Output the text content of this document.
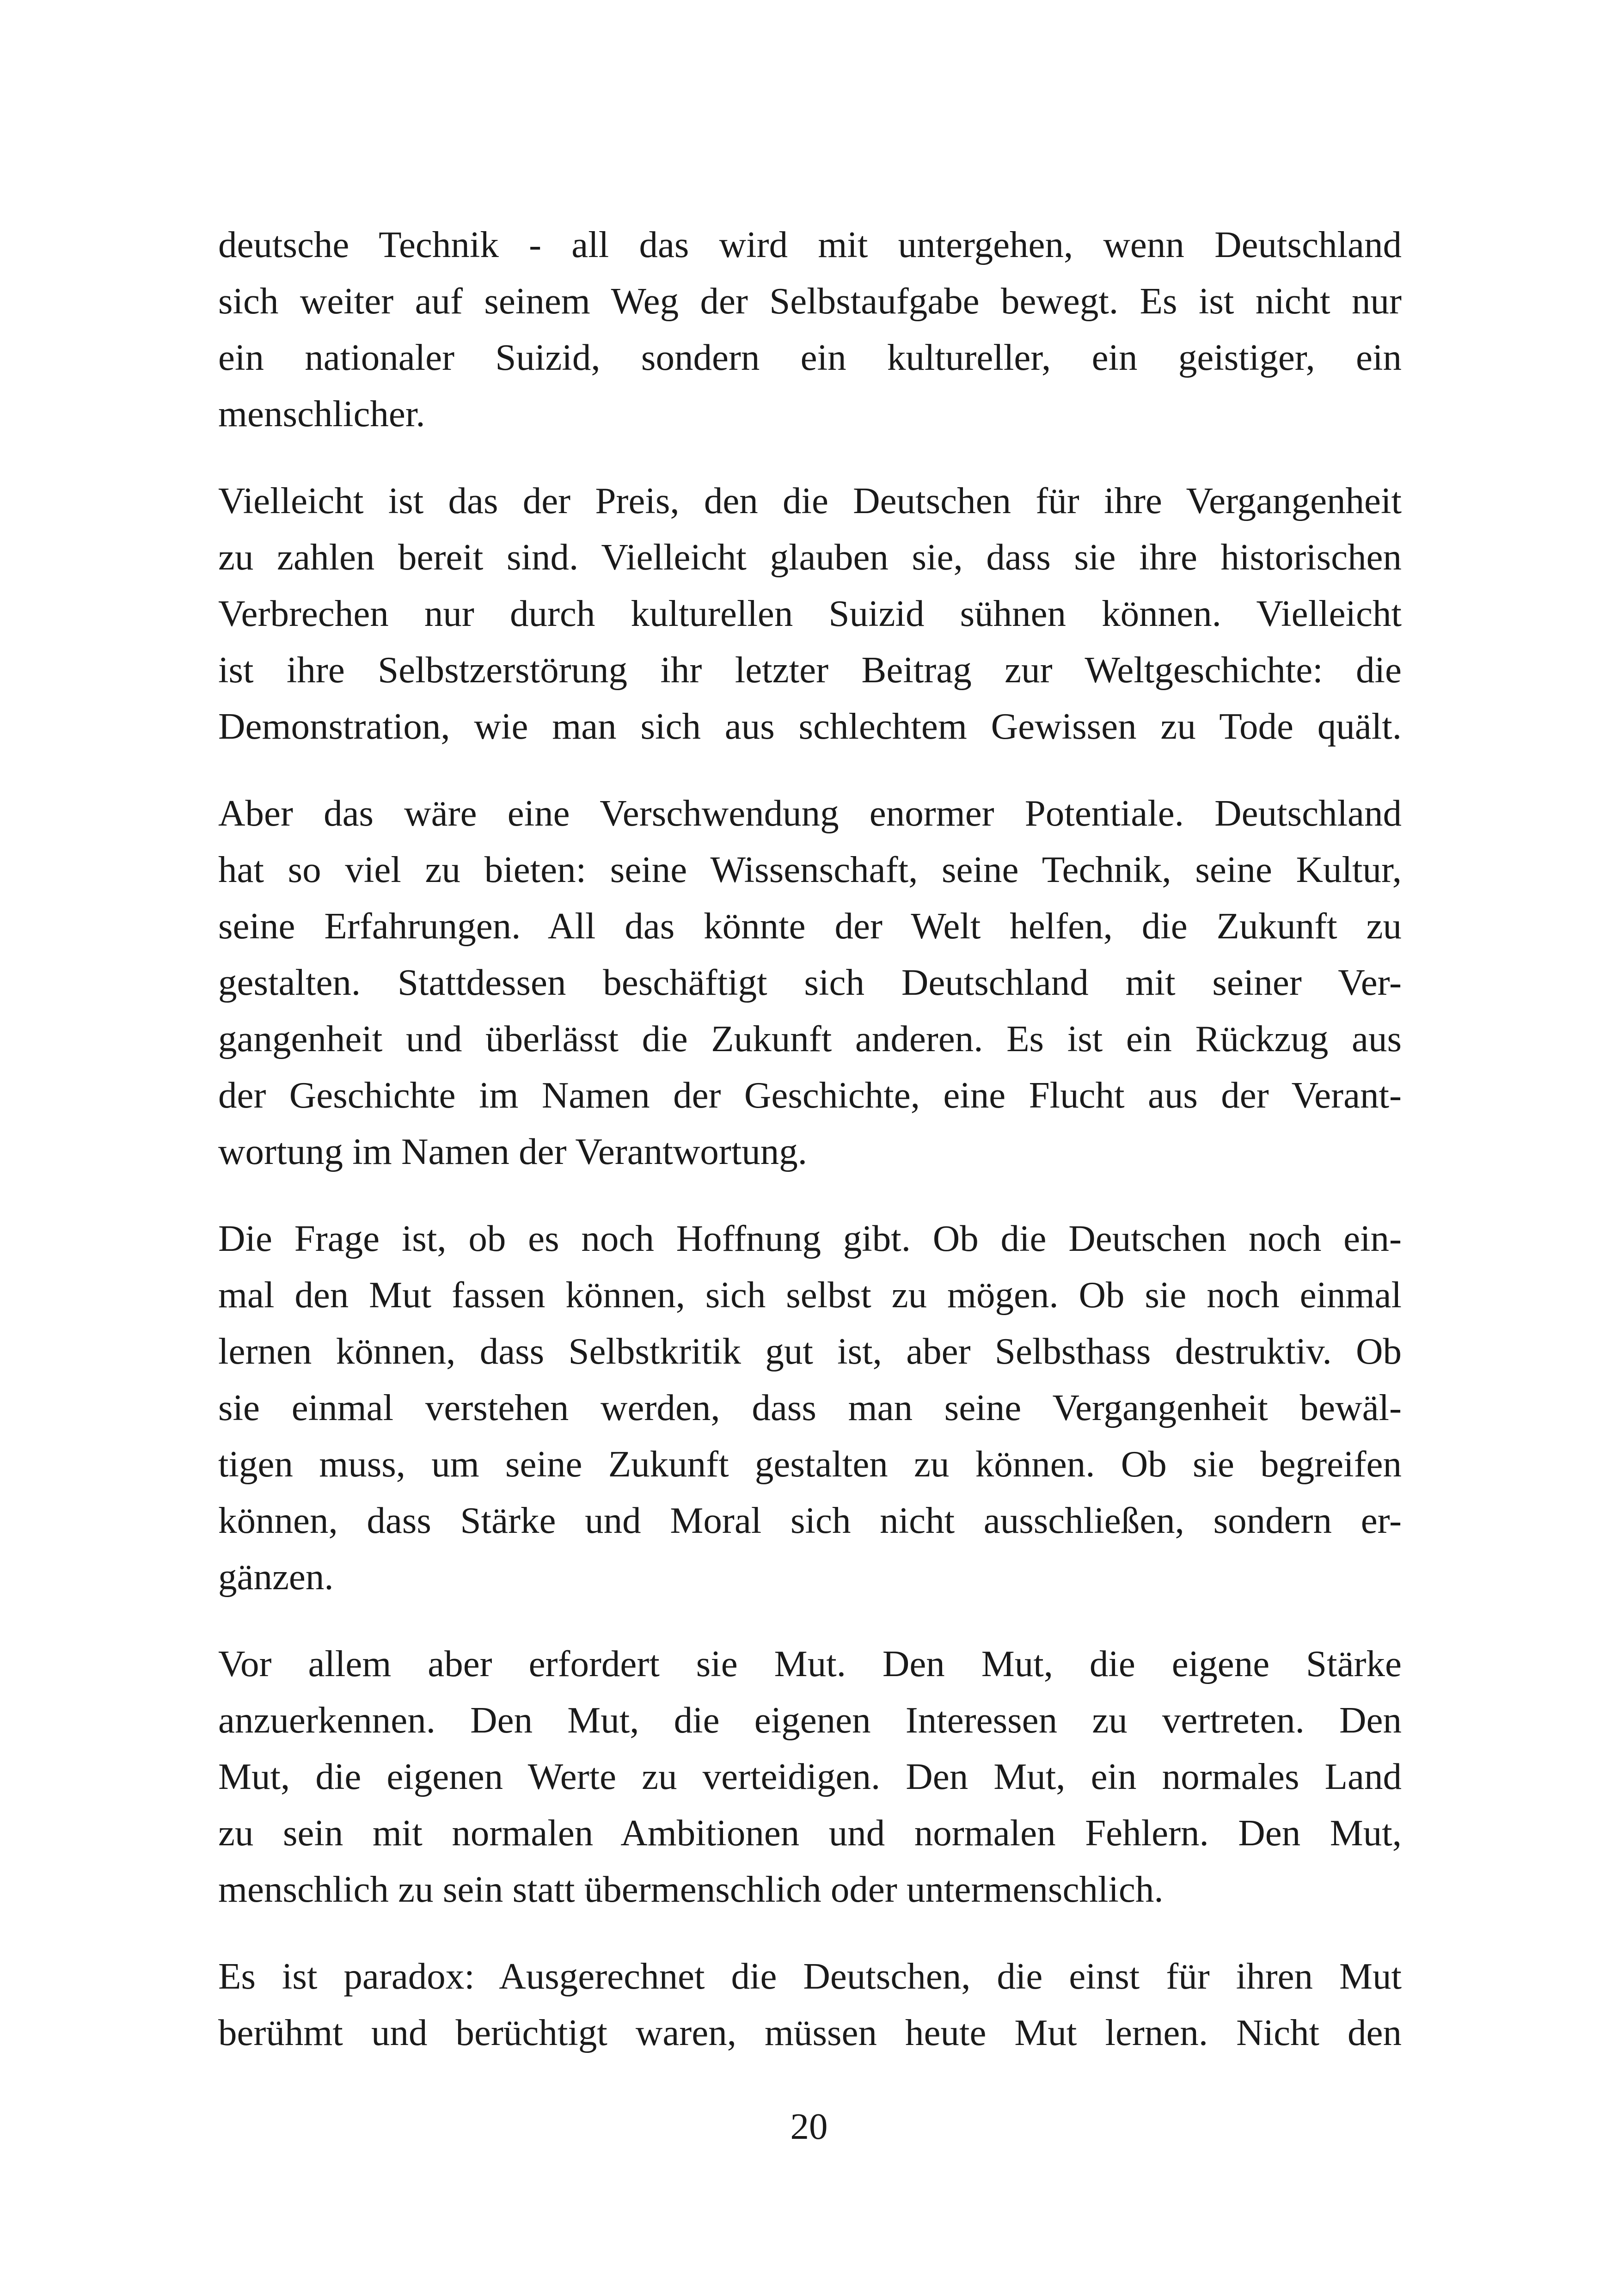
deutsche Technik - all das wird mit untergehen, wenn Deutschland
sich weiter auf seinem Weg der Selbstaufgabe bewegt. Es ist nicht nur
ein nationaler Suizid, sondern ein kultureller, ein geistiger, ein
menschlicher.

Vielleicht ist das der Preis, den die Deutschen für ihre Vergangenheit
zu zahlen bereit sind. Vielleicht glauben sie, dass sie ihre historischen
Verbrechen nur durch kulturellen Suizid sühnen können. Vielleicht
ist ihre Selbstzerstörung ihr letzter Beitrag zur Weltgeschichte: die
Demonstration, wie man sich aus schlechtem Gewissen zu Tode quält.

Aber das wäre eine Verschwendung enormer Potentiale. Deutschland
hat so viel zu bieten: seine Wissenschaft, seine Technik, seine Kultur,
seine Erfahrungen. All das könnte der Welt helfen, die Zukunft zu
gestalten. Stattdessen beschäftigt sich Deutschland mit seiner Ver-
gangenheit und überlässt die Zukunft anderen. Es ist ein Rückzug aus
der Geschichte im Namen der Geschichte, eine Flucht aus der Verant-
wortung im Namen der Verantwortung.

Die Frage ist, ob es noch Hoffnung gibt. Ob die Deutschen noch ein-
mal den Mut fassen können, sich selbst zu mögen. Ob sie noch einmal
lernen können, dass Selbstkritik gut ist, aber Selbsthass destruktiv. Ob
sie einmal verstehen werden, dass man seine Vergangenheit bewäl-
tigen muss, um seine Zukunft gestalten zu können. Ob sie begreifen
können, dass Stärke und Moral sich nicht ausschließen, sondern er-
gänzen.

Vor allem aber erfordert sie Mut. Den Mut, die eigene Stärke
anzuerkennen. Den Mut, die eigenen Interessen zu vertreten. Den
Mut, die eigenen Werte zu verteidigen. Den Mut, ein normales Land
zu sein mit normalen Ambitionen und normalen Fehlern. Den Mut,
menschlich zu sein statt übermenschlich oder untermenschlich.

Es ist paradox: Ausgerechnet die Deutschen, die einst für ihren Mut
berühmt und berüchtigt waren, müssen heute Mut lernen. Nicht den

20
